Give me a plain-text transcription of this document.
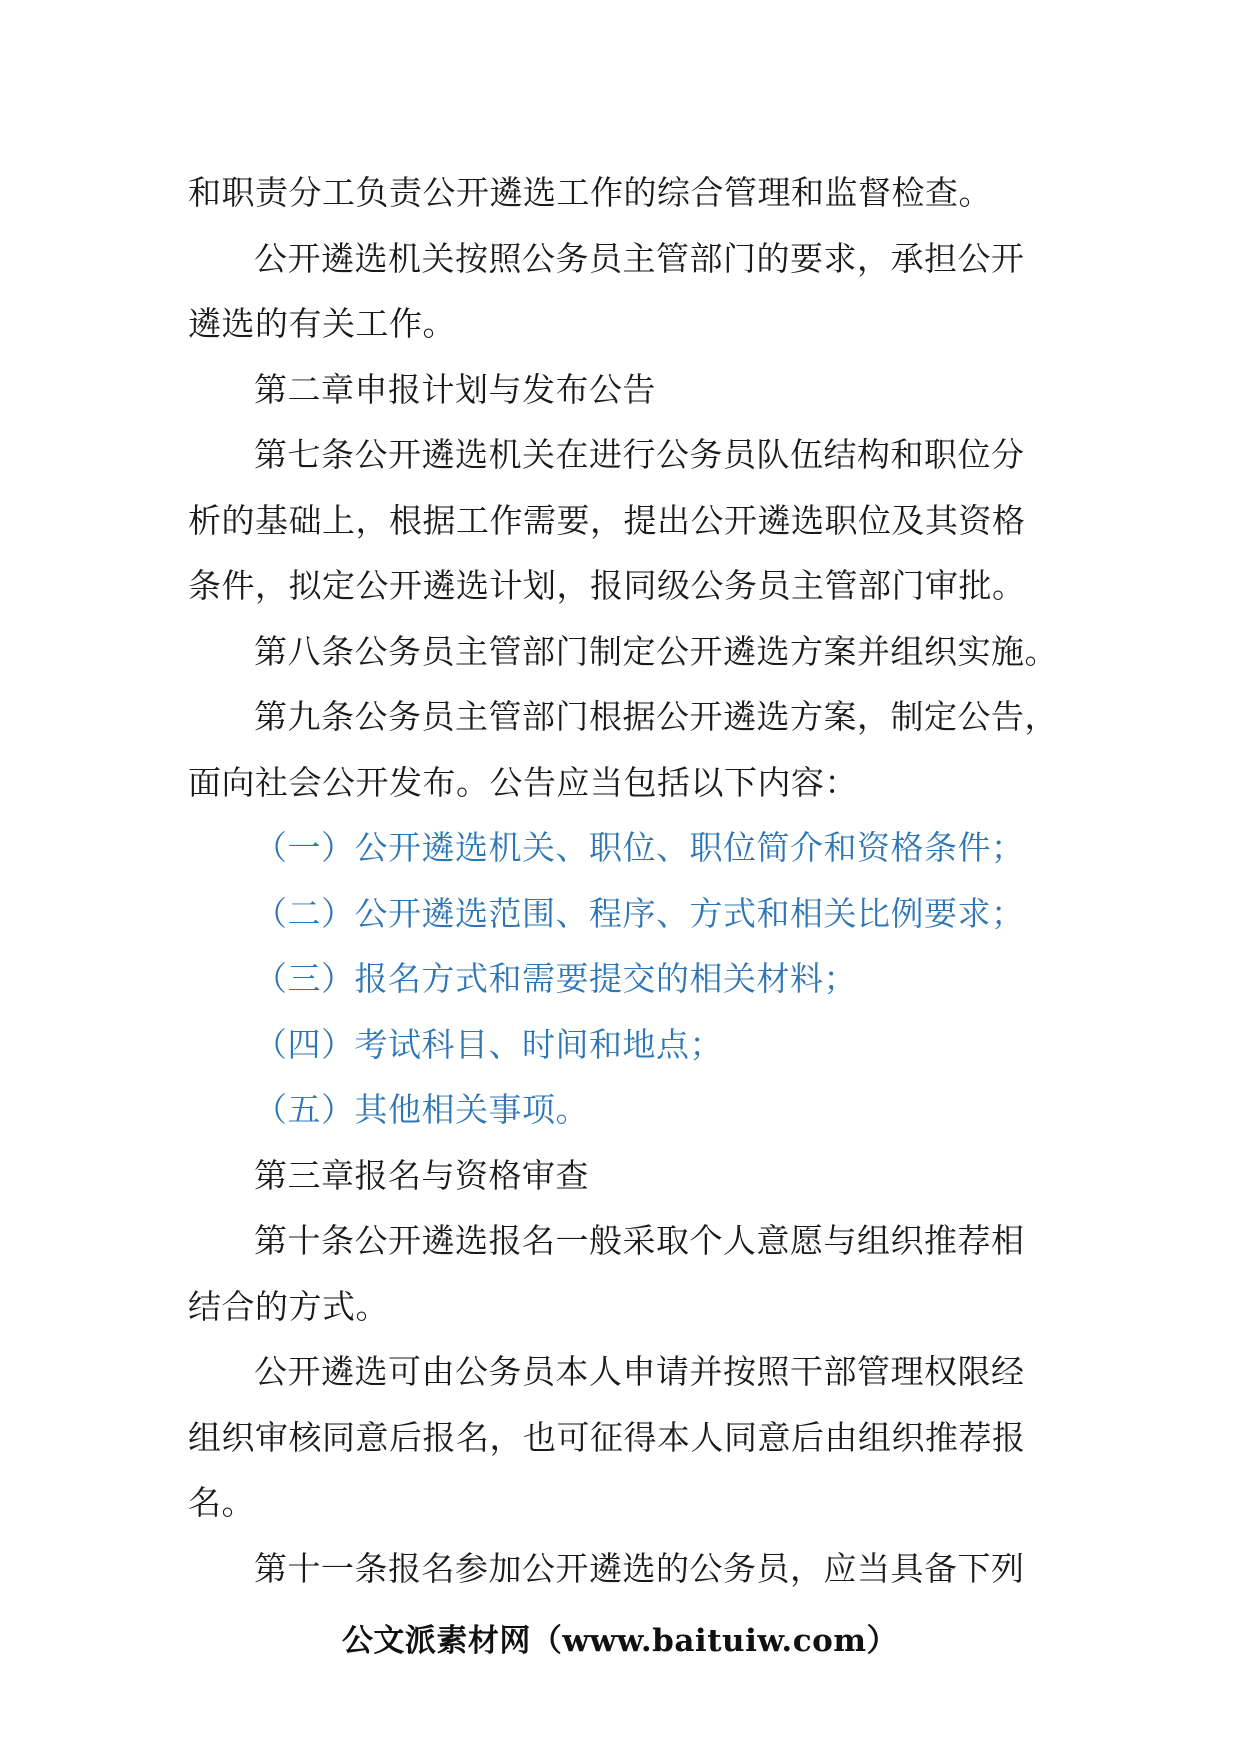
和职责分工负责公开遴选工作的综合管理和监督检查。
公开遴选机关按照公务员主管部门的要求，承担公开
遴选的有关工作。
第二章申报计划与发布公告
第七条公开遴选机关在进行公务员队伍结构和职位分
析的基础上，根据工作需要，提出公开遴选职位及其资格
条件，拟定公开遴选计划，报同级公务员主管部门审批。
第八条公务员主管部门制定公开遴选方案并组织实施。
第九条公务员主管部门根据公开遴选方案，制定公告，
面向社会公开发布。公告应当包括以下内容：
（一）公开遴选机关、职位、职位简介和资格条件；
（二）公开遴选范围、程序、方式和相关比例要求；
（三）报名方式和需要提交的相关材料；
（四）考试科目、时间和地点；
（五）其他相关事项。
第三章报名与资格审查
第十条公开遴选报名一般采取个人意愿与组织推荐相
结合的方式。
公开遴选可由公务员本人申请并按照干部管理权限经
组织审核同意后报名，也可征得本人同意后由组织推荐报
名。
第十一条报名参加公开遴选的公务员，应当具备下列
公文派素材网（www.baituiw.com）
